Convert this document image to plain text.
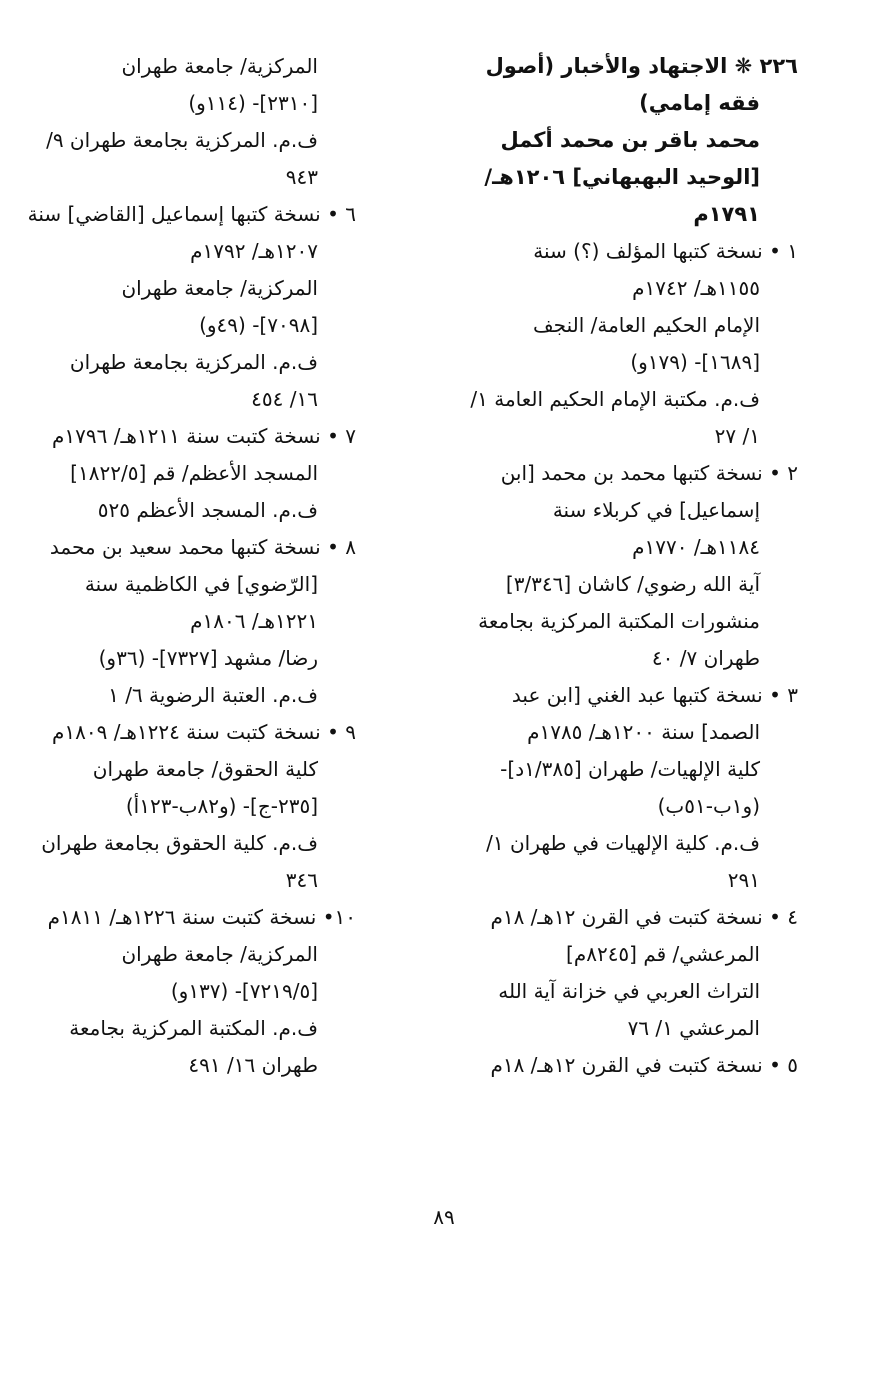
٢٢٦ ❋ الاجتهاد والأخبار (أصول
فقه إمامي)
محمد باقر بن محمد أكمل
[الوحيد البهبهاني] ١٢٠٦هـ/
١٧٩١م
١ • نسخة كتبها المؤلف (؟) سنة
١١٥٥هـ/ ١٧٤٢م
الإمام الحكيم العامة/ النجف
[١٦٨٩]- (١٧٩و)
ف.م. مكتبة الإمام الحكيم العامة ١/
١/ ٢٧
٢ • نسخة كتبها محمد بن محمد [ابن
إسماعيل] في كربلاء سنة
١١٨٤هـ/ ١٧٧٠م
آية الله رضوي/ كاشان [٣/٣٤٦]
منشورات المكتبة المركزية بجامعة
طهران ٧/ ٤٠
٣ • نسخة كتبها عبد الغني [ابن عبد
الصمد] سنة ١٢٠٠هـ/ ١٧٨٥م
كلية الإلهيات/ طهران [١/٣٨٥د]-
(و١ب-٥١ب)
ف.م. كلية الإلهيات في طهران ١/
٢٩١
٤ • نسخة كتبت في القرن ١٢هـ/ ١٨م
المرعشي/ قم [٨٢٤٥م]
التراث العربي في خزانة آية الله
المرعشي ١/ ٧٦
٥ • نسخة كتبت في القرن ١٢هـ/ ١٨م
المركزية/ جامعة طهران
[٢٣١٠]- (١١٤و)
ف.م. المركزية بجامعة طهران ٩/
٩٤٣
٦ • نسخة كتبها إسماعيل [القاضي] سنة
١٢٠٧هـ/ ١٧٩٢م
المركزية/ جامعة طهران
[٧٠٩٨]- (٤٩و)
ف.م. المركزية بجامعة طهران
١٦/ ٤٥٤
٧ • نسخة كتبت سنة ١٢١١هـ/ ١٧٩٦م
المسجد الأعظم/ قم [١٨٢٢/٥]
ف.م. المسجد الأعظم ٥٢٥
٨ • نسخة كتبها محمد سعيد بن محمد
[الرّضوي] في الكاظمية سنة
١٢٢١هـ/ ١٨٠٦م
رضا/ مشهد [٧٣٢٧]- (٣٦و)
ف.م. العتبة الرضوية ٦/ ١
٩ • نسخة كتبت سنة ١٢٢٤هـ/ ١٨٠٩م
كلية الحقوق/ جامعة طهران
[٢٣٥-ج]- (و٨٢ب-١٢٣أ)
ف.م. كلية الحقوق بجامعة طهران
٣٤٦
١٠• نسخة كتبت سنة ١٢٢٦هـ/ ١٨١١م
المركزية/ جامعة طهران
[٧٢١٩/٥]- (١٣٧و)
ف.م. المكتبة المركزية بجامعة
طهران ١٦/ ٤٩١
٨٩
